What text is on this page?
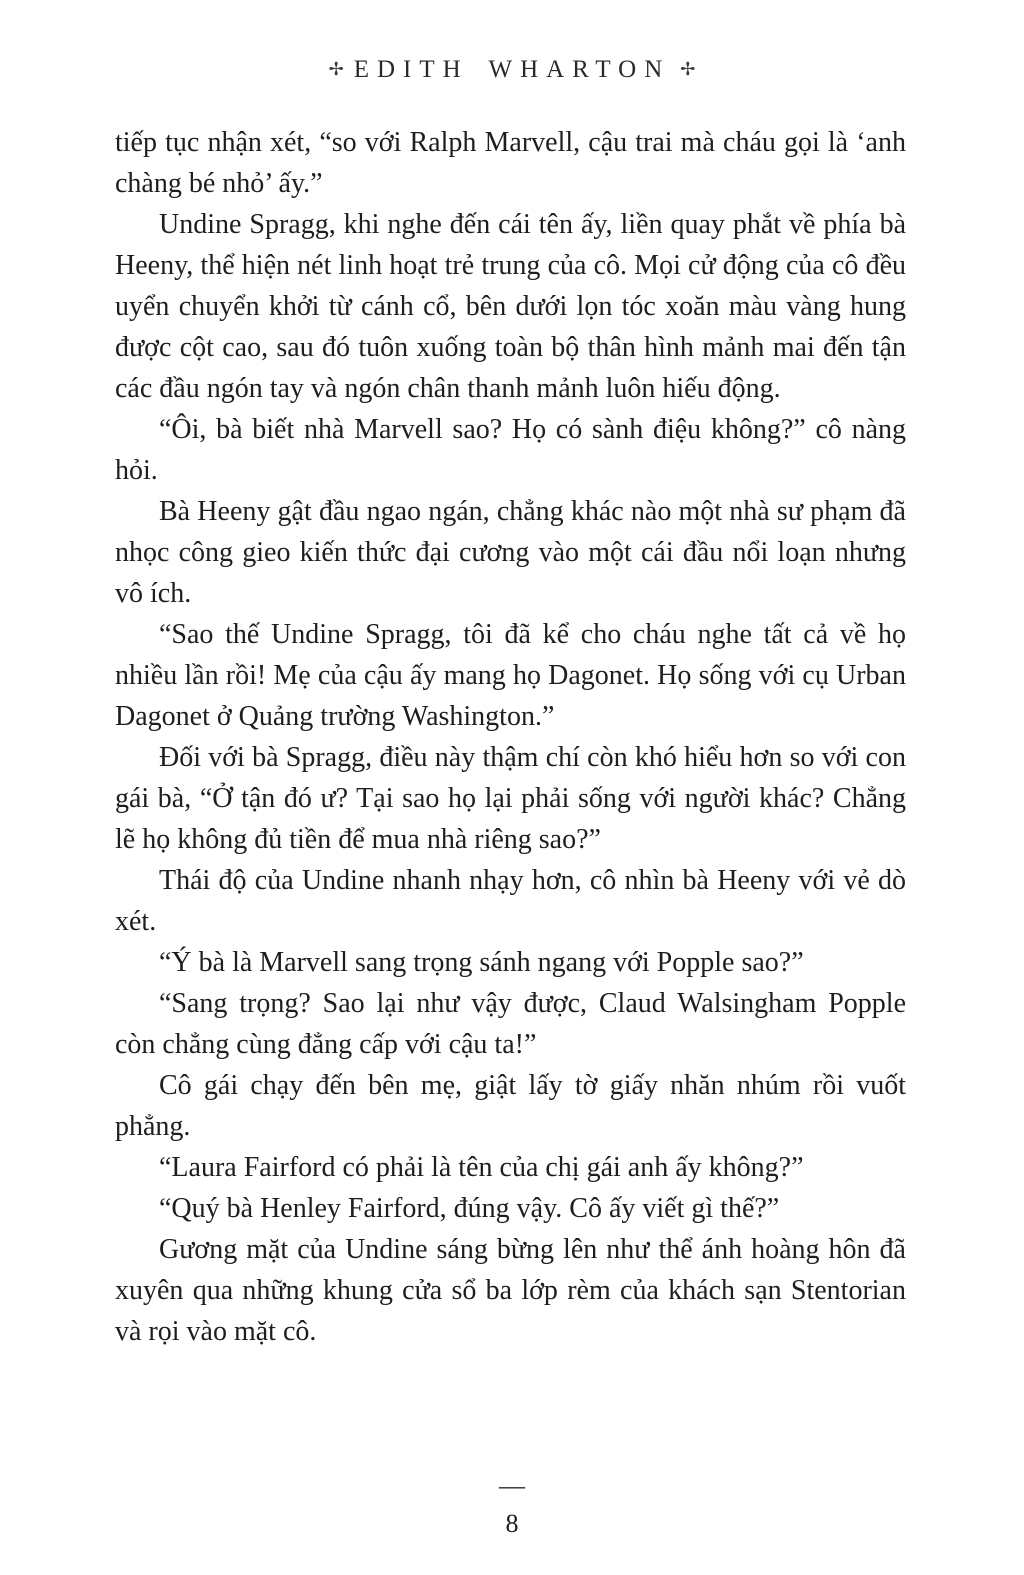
✢ EDITH WHARTON ✢

tiếp tục nhận xét, “so với Ralph Marvell, cậu trai mà cháu gọi là ‘anh chàng bé nhỏ’ ấy.”

Undine Spragg, khi nghe đến cái tên ấy, liền quay phắt về phía bà Heeny, thể hiện nét linh hoạt trẻ trung của cô. Mọi cử động của cô đều uyển chuyển khởi từ cánh cổ, bên dưới lọn tóc xoăn màu vàng hung được cột cao, sau đó tuôn xuống toàn bộ thân hình mảnh mai đến tận các đầu ngón tay và ngón chân thanh mảnh luôn hiếu động.

“Ôi, bà biết nhà Marvell sao? Họ có sành điệu không?” cô nàng hỏi.

Bà Heeny gật đầu ngao ngán, chẳng khác nào một nhà sư phạm đã nhọc công gieo kiến thức đại cương vào một cái đầu nổi loạn nhưng vô ích.

“Sao thế Undine Spragg, tôi đã kể cho cháu nghe tất cả về họ nhiều lần rồi! Mẹ của cậu ấy mang họ Dagonet. Họ sống với cụ Urban Dagonet ở Quảng trường Washington.”

Đối với bà Spragg, điều này thậm chí còn khó hiểu hơn so với con gái bà, “Ở tận đó ư? Tại sao họ lại phải sống với người khác? Chẳng lẽ họ không đủ tiền để mua nhà riêng sao?”

Thái độ của Undine nhanh nhạy hơn, cô nhìn bà Heeny với vẻ dò xét.

“Ý bà là Marvell sang trọng sánh ngang với Popple sao?”

“Sang trọng? Sao lại như vậy được, Claud Walsingham Popple còn chẳng cùng đẳng cấp với cậu ta!”

Cô gái chạy đến bên mẹ, giật lấy tờ giấy nhăn nhúm rồi vuốt phẳng.

“Laura Fairford có phải là tên của chị gái anh ấy không?”

“Quý bà Henley Fairford, đúng vậy. Cô ấy viết gì thế?”

Gương mặt của Undine sáng bừng lên như thể ánh hoàng hôn đã xuyên qua những khung cửa sổ ba lớp rèm của khách sạn Stentorian và rọi vào mặt cô.

—
8
